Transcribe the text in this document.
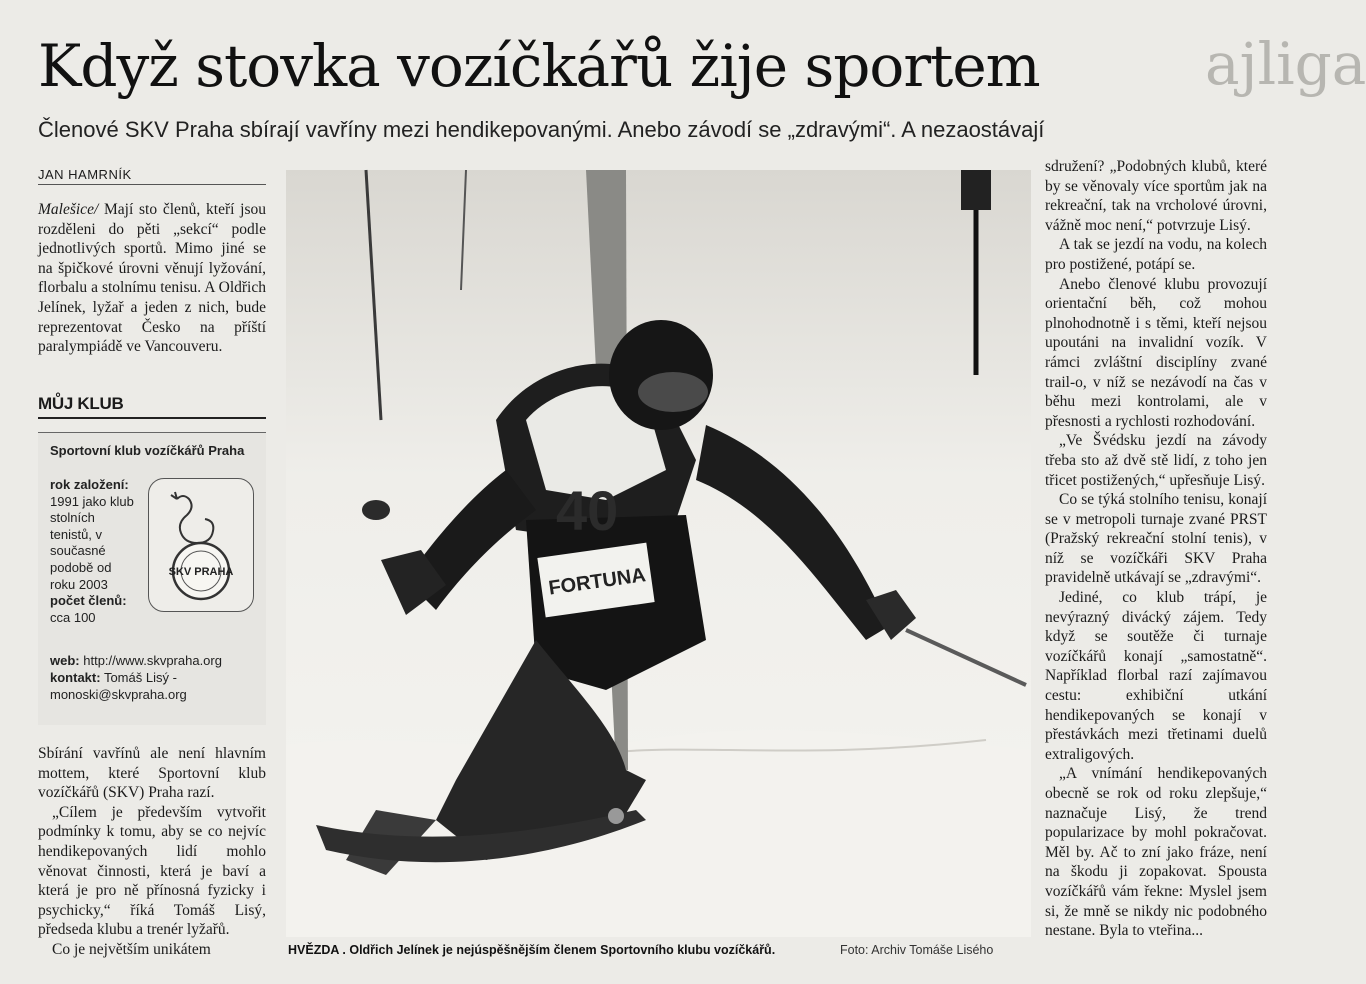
Když stovka vozíčkářů žije sportem	ajliga
Členové SKV Praha sbírají vavříny mezi hendikepovanými. Anebo závodí se „zdravými“. A nezaostávají
JAN HAMRNÍK

Malešice/ Mají sto členů, kteří jsou rozděleni do pěti „sekcí“ podle jednotlivých sportů. Mimo jiné se na špičkové úrovni věnují lyžování, florbalu a stolnímu tenisu. A Oldřich Jelínek, lyžař a jeden z nich, bude reprezentovat Česko na příští paralympiádě ve Vancouveru.

MŮJ KLUB
Sportovní klub vozíčkářů Praha
rok založení: 1991 jako klub stolních tenistů, v současné podobě od roku 2003
počet členů: cca 100
SKV PRAHA
web: http://www.skvpraha.org
kontakt: Tomáš Lisý - monoski@skvpraha.org

Sbírání vavřínů ale není hlavním mottem, které Sportovní klub vozíčkářů (SKV) Praha razí.

„Cílem je především vytvořit podmínky k tomu, aby se co nejvíc hendikepovaných lidí mohlo věnovat činnosti, která je baví a která je pro ně přínosná fyzicky i psychicky,“ říká Tomáš Lisý, předseda klubu a trenér lyžařů.

Co je největším unikátem

FORTUNA
40
HVĚZDA . Oldřich Jelínek je nejúspěšnějším členem Sportovního klubu vozíčkářů.	Foto: Archiv Tomáše Lisého

sdružení? „Podobných klubů, které by se věnovaly více sportům jak na rekreační, tak na vrcholové úrovni, vážně moc není,“ potvrzuje Lisý.

A tak se jezdí na vodu, na kolech pro postižené, potápí se.

Anebo členové klubu provozují orientační běh, což mohou plnohodnotně i s těmi, kteří nejsou upoutáni na invalidní vozík. V rámci zvláštní disciplíny zvané trail-o, v níž se nezávodí na čas v běhu mezi kontrolami, ale v přesnosti a rychlosti rozhodování.

„Ve Švédsku jezdí na závody třeba sto až dvě stě lidí, z toho jen třicet postižených,“ upřesňuje Lisý.

Co se týká stolního tenisu, konají se v metropoli turnaje zvané PRST (Pražský rekreační stolní tenis), v níž se vozíčkáři SKV Praha pravidelně utkávají se „zdravými“.

Jediné, co klub trápí, je nevýrazný divácký zájem. Tedy když se soutěže či turnaje vozíčkářů konají „samostatně“. Například florbal razí zajímavou cestu: exhibiční utkání hendikepovaných se konají v přestávkách mezi třetinami duelů extraligových.

„A vnímání hendikepovaných obecně se rok od roku zlepšuje,“ naznačuje Lisý, že trend popularizace by mohl pokračovat. Měl by. Ač to zní jako fráze, není na škodu ji zopakovat. Spousta vozíčkářů vám řekne: Myslel jsem si, že mně se nikdy nic podobného nestane. Byla to vteřina...
